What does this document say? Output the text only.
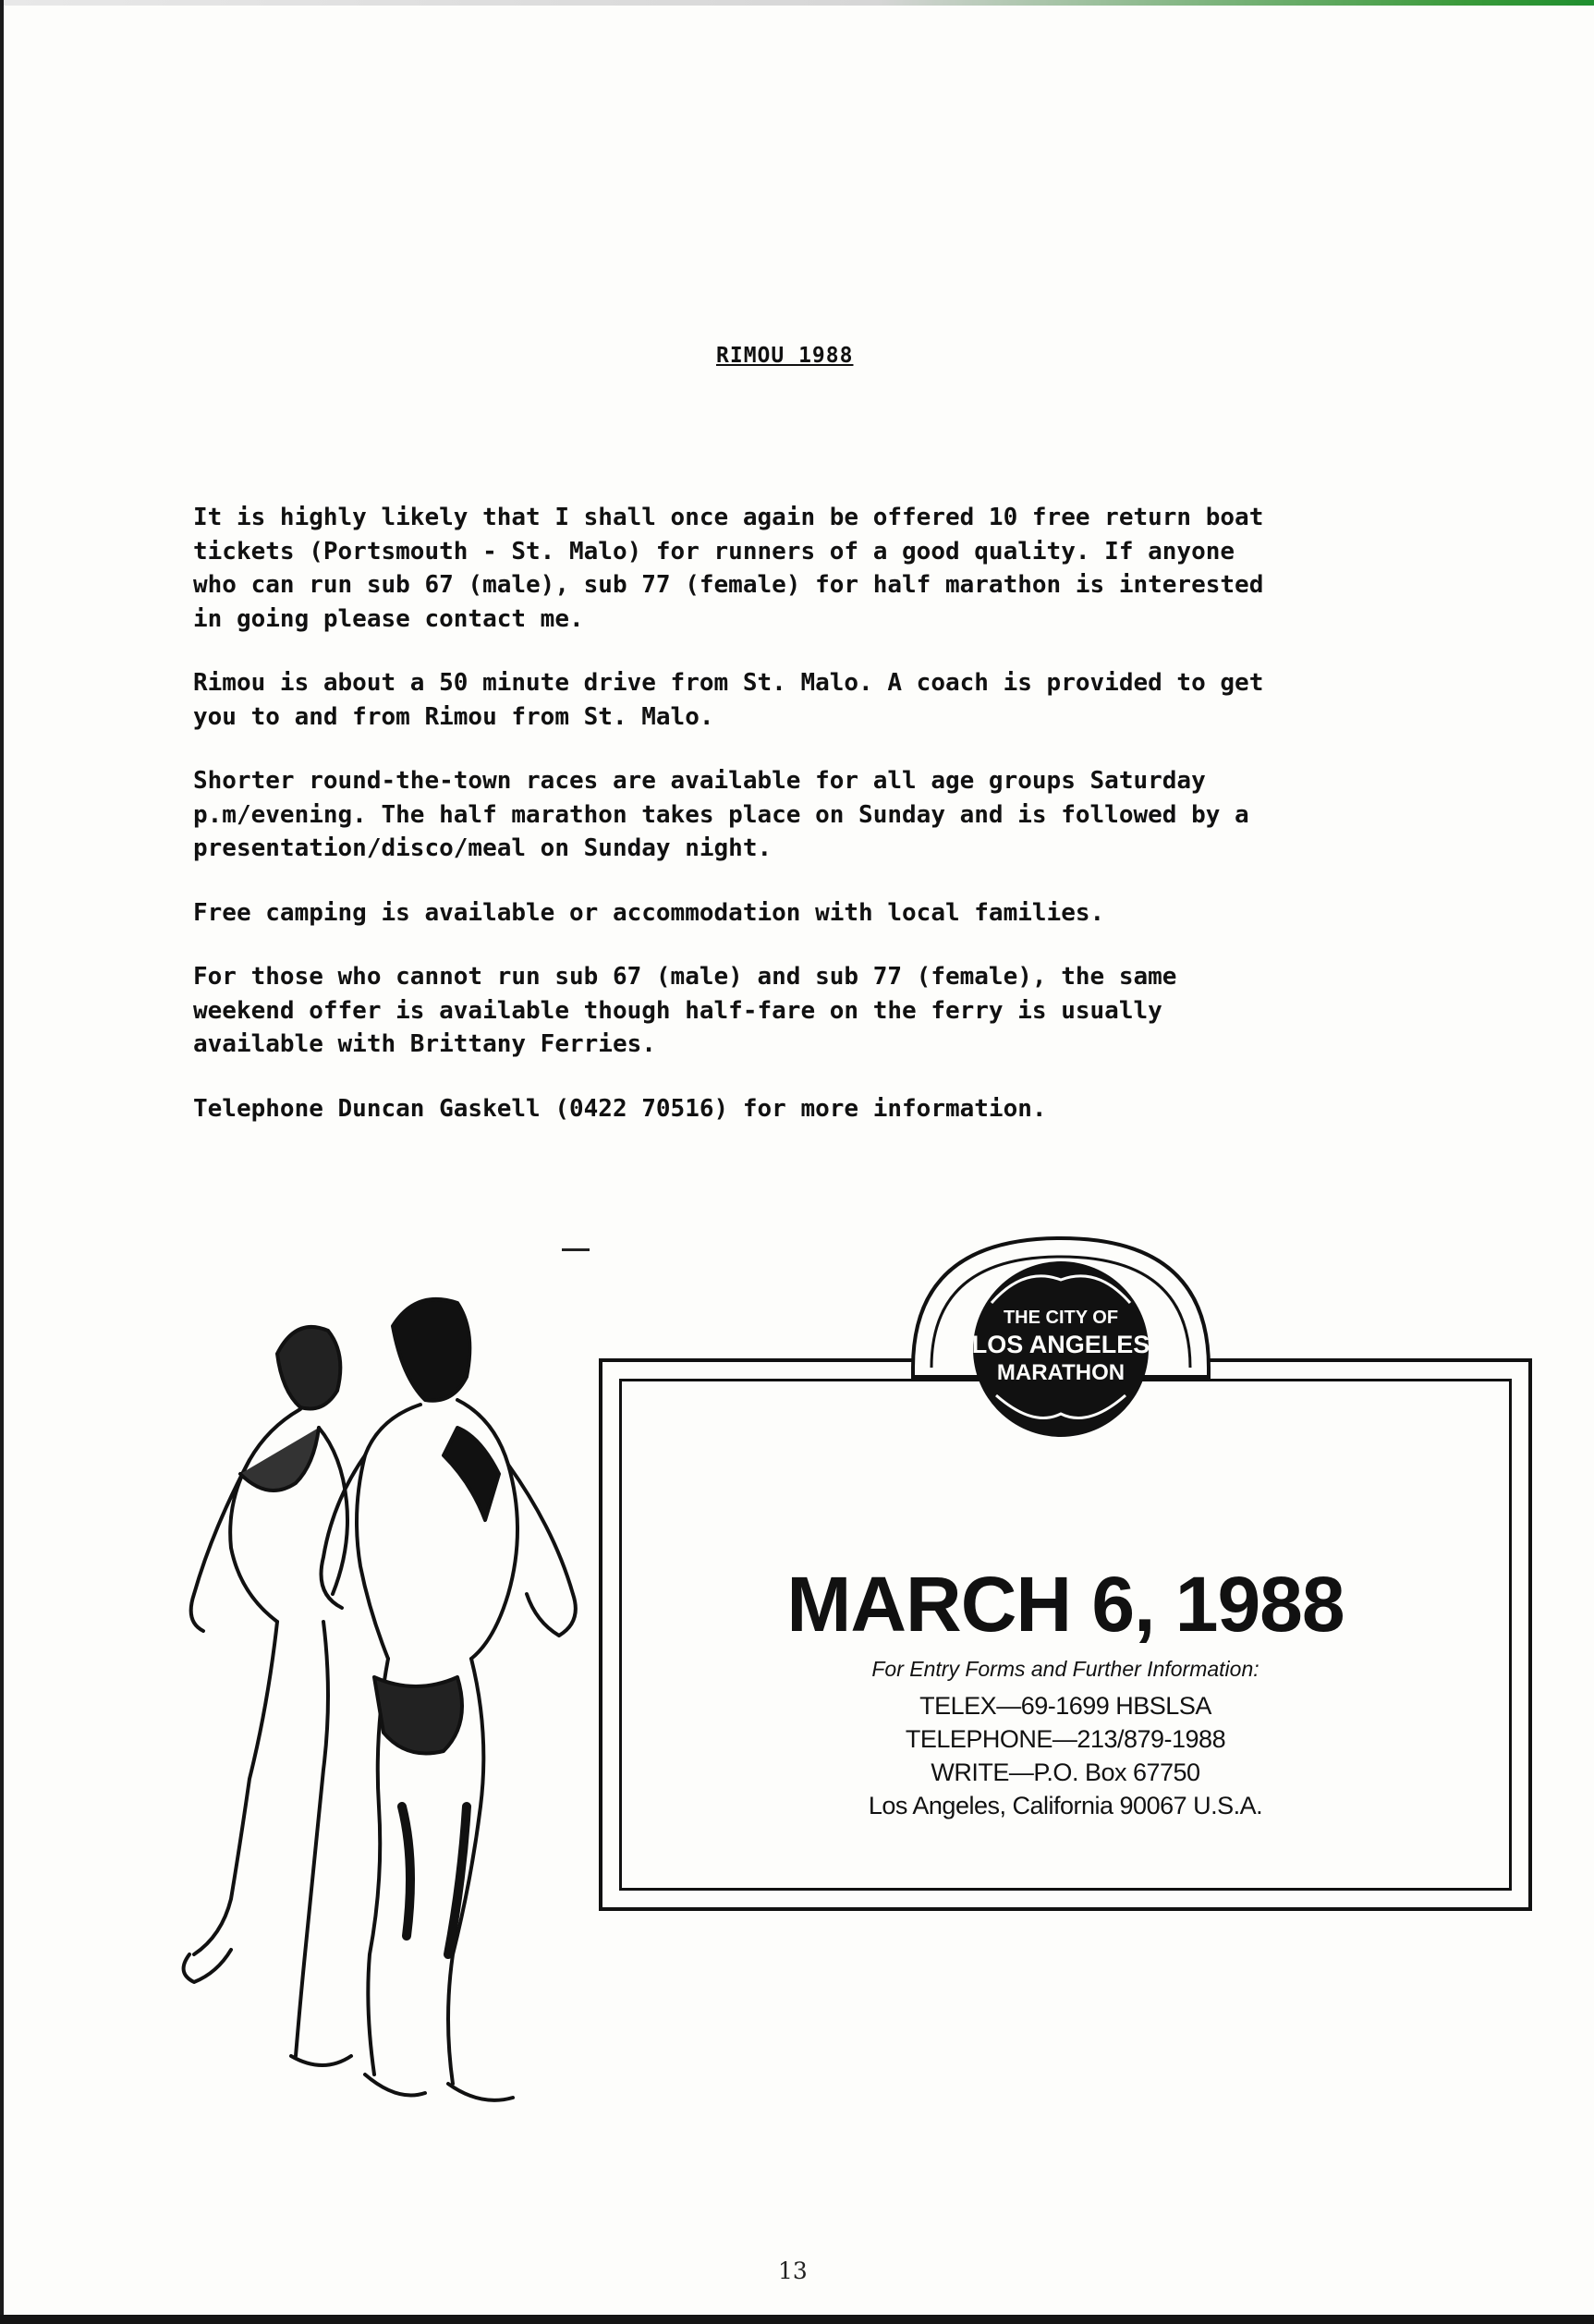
RIMOU 1988

It is highly likely that I shall once again be offered 10 free return boat
tickets (Portsmouth - St. Malo) for runners of a good quality. If anyone
who can run sub 67 (male), sub 77 (female) for half marathon is interested
in going please contact me.

Rimou is about a 50 minute drive from St. Malo. A coach is provided to get
you to and from Rimou from St. Malo.

Shorter round-the-town races are available for all age groups Saturday
p.m/evening. The half marathon takes place on Sunday and is followed by a
presentation/disco/meal on Sunday night.

Free camping is available or accommodation with local families.

For those who cannot run sub 67 (male) and sub 77 (female), the same
weekend offer is available though half-fare on the ferry is usually
available with Brittany Ferries.

Telephone Duncan Gaskell (0422 70516) for more information.

THE CITY OF
LOS ANGELES
MARATHON
MARCH 6, 1988
For Entry Forms and Further Information:
TELEX—69-1699 HBSLSA
TELEPHONE—213/879-1988
WRITE—P.O. Box 67750
Los Angeles, California 90067 U.S.A.
13
